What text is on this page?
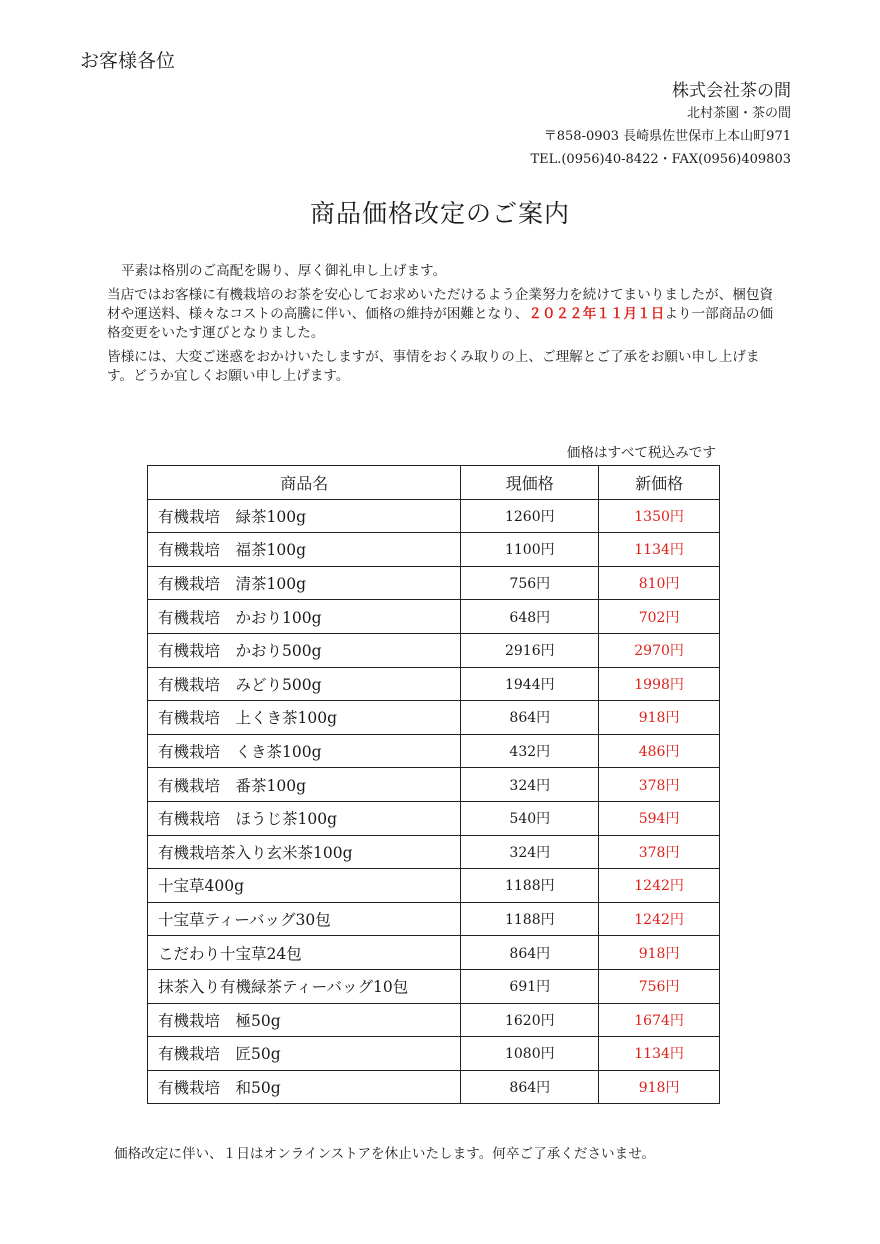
お客様各位
株式会社茶の間
北村茶園・茶の間
〒858-0903 長崎県佐世保市上本山町971
TEL.(0956)40-8422・FAX(0956)409803
商品価格改定のご案内

平素は格別のご高配を賜り、厚く御礼申し上げます。

当店ではお客様に有機栽培のお茶を安心してお求めいただけるよう企業努力を続けてまいりましたが、梱包資材や運送料、様々なコストの高騰に伴い、価格の維持が困難となり、２０２２年１１月１日より一部商品の価格変更をいたす運びとなりました。

皆様には、大変ご迷惑をおかけいたしますが、事情をおくみ取りの上、ご理解とご了承をお願い申し上げます。どうか宜しくお願い申し上げます。

価格はすべて税込みです
商品名	現価格	新価格
有機栽培　緑茶100g	1260円	1350円
有機栽培　福茶100g	1100円	1134円
有機栽培　清茶100g	756円	810円
有機栽培　かおり100g	648円	702円
有機栽培　かおり500g	2916円	2970円
有機栽培　みどり500g	1944円	1998円
有機栽培　上くき茶100g	864円	918円
有機栽培　くき茶100g	432円	486円
有機栽培　番茶100g	324円	378円
有機栽培　ほうじ茶100g	540円	594円
有機栽培茶入り玄米茶100g	324円	378円
十宝草400g	1188円	1242円
十宝草ティーバッグ30包	1188円	1242円
こだわり十宝草24包	864円	918円
抹茶入り有機緑茶ティーバッグ10包	691円	756円
有機栽培　極50g	1620円	1674円
有機栽培　匠50g	1080円	1134円
有機栽培　和50g	864円	918円
価格改定に伴い、１日はオンラインストアを休止いたします。何卒ご了承くださいませ。
